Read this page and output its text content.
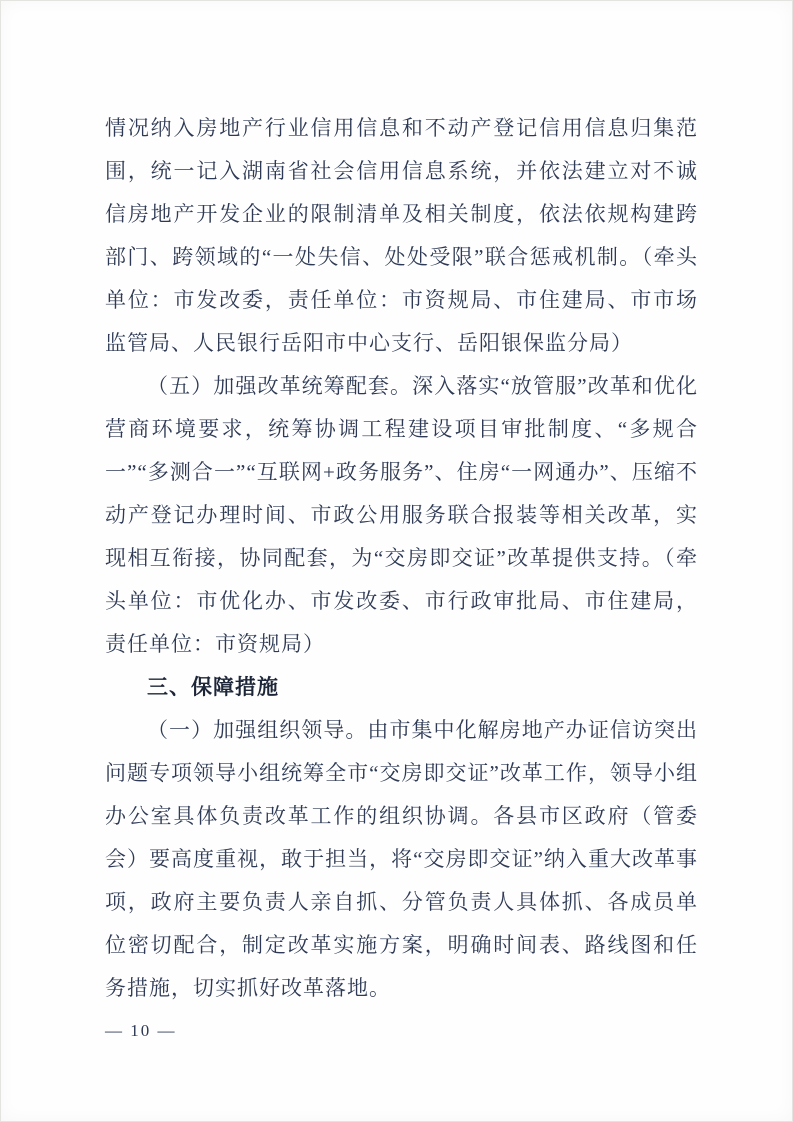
情况纳入房地产行业信用信息和不动产登记信用信息归集范围，统一记入湖南省社会信用信息系统，并依法建立对不诚信房地产开发企业的限制清单及相关制度，依法依规构建跨部门、跨领域的“一处失信、处处受限”联合惩戒机制。（牵头单位：市发改委，责任单位：市资规局、市住建局、市市场监管局、人民银行岳阳市中心支行、岳阳银保监分局）

（五）加强改革统筹配套。深入落实“放管服”改革和优化营商环境要求，统筹协调工程建设项目审批制度、“多规合一”“多测合一”“互联网+政务服务”、住房“一网通办”、压缩不动产登记办理时间、市政公用服务联合报装等相关改革，实现相互衔接，协同配套，为“交房即交证”改革提供支持。（牵头单位：市优化办、市发改委、市行政审批局、市住建局，责任单位：市资规局）

三、保障措施

（一）加强组织领导。由市集中化解房地产办证信访突出问题专项领导小组统筹全市“交房即交证”改革工作，领导小组办公室具体负责改革工作的组织协调。各县市区政府（管委会）要高度重视，敢于担当，将“交房即交证”纳入重大改革事项，政府主要负责人亲自抓、分管负责人具体抓、各成员单位密切配合，制定改革实施方案，明确时间表、路线图和任务措施，切实抓好改革落地。

— 10 —
